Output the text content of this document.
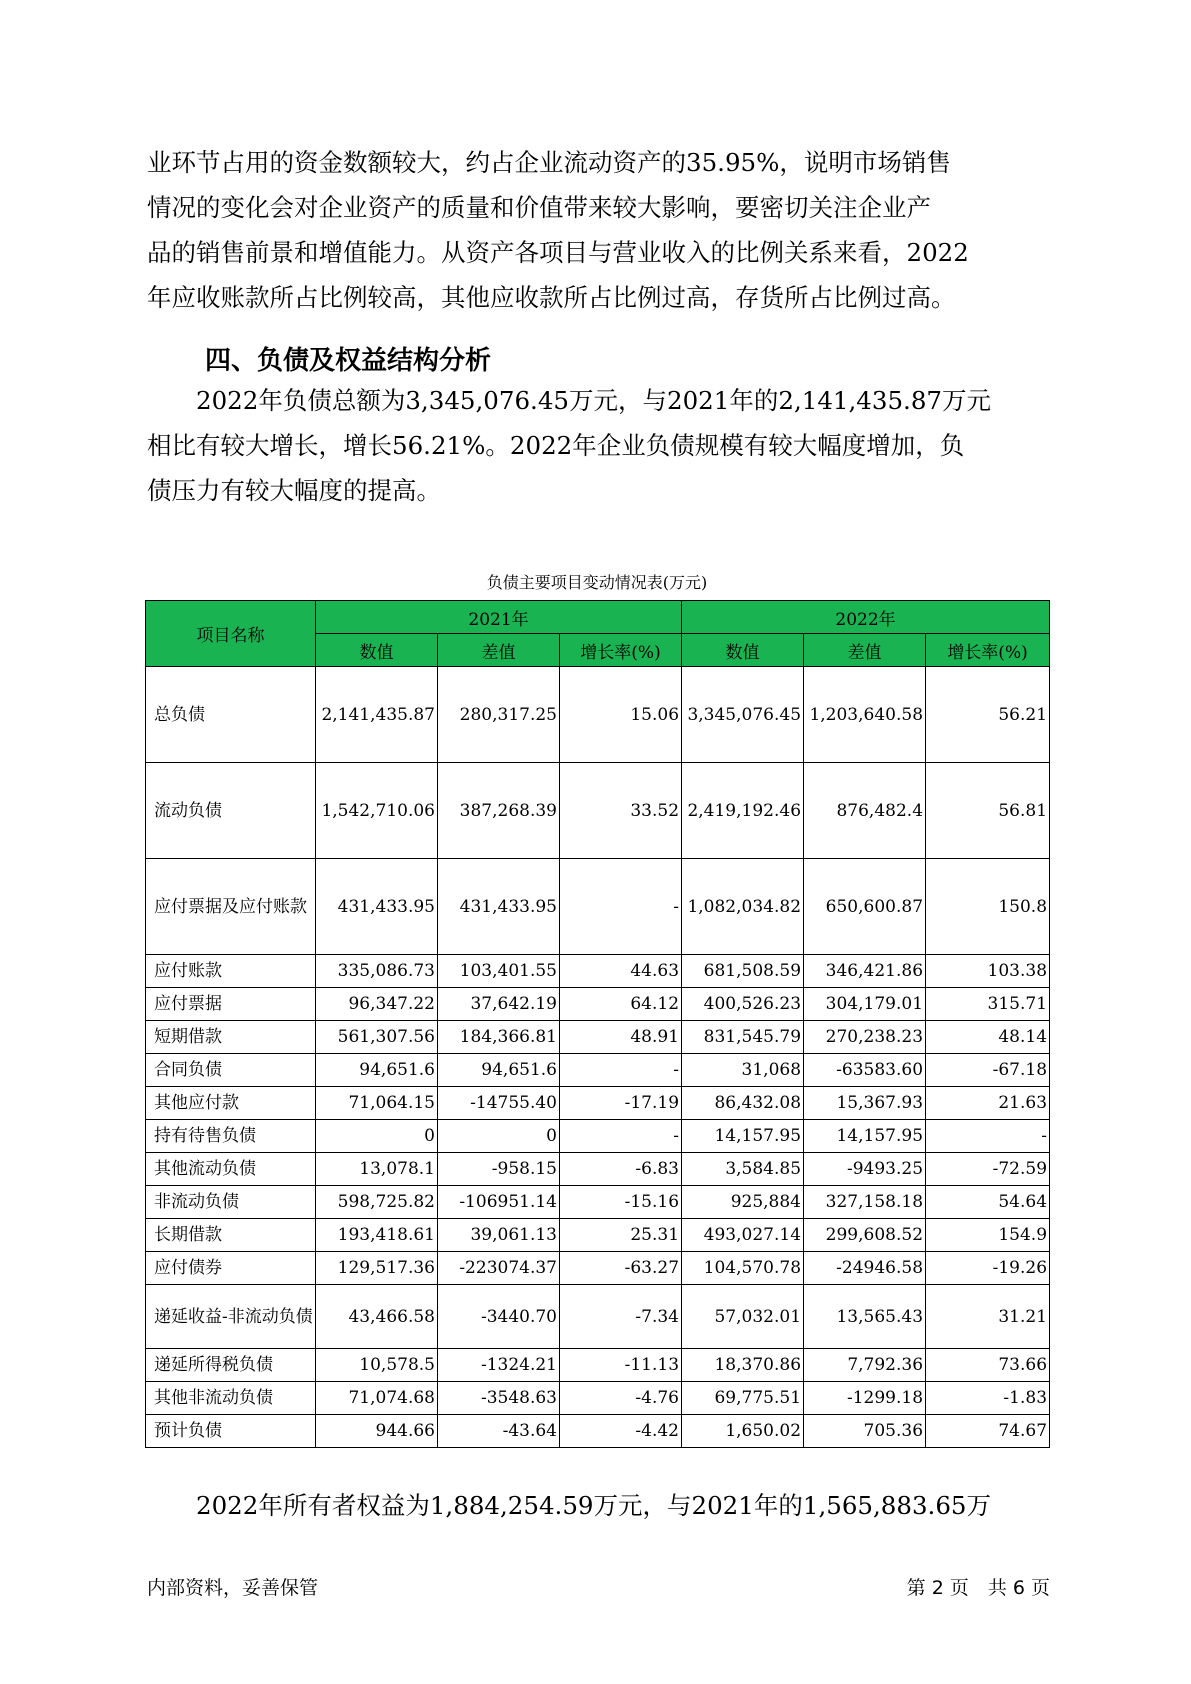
业环节占用的资金数额较大，约占企业流动资产的35.95%，说明市场销售
情况的变化会对企业资产的质量和价值带来较大影响，要密切关注企业产
品的销售前景和增值能力。从资产各项目与营业收入的比例关系来看，2022
年应收账款所占比例较高，其他应收款所占比例过高，存货所占比例过高。
四、负债及权益结构分析
　　2022年负债总额为3,345,076.45万元，与2021年的2,141,435.87万元
相比有较大增长，增长56.21%。2022年企业负债规模有较大幅度增加，负
债压力有较大幅度的提高。
负债主要项目变动情况表(万元)
项目名称	2021年			2022年		
	数值	差值	增长率(%)	数值	差值	增长率(%)
总负债	2,141,435.87	280,317.25	15.06	3,345,076.45	1,203,640.58	56.21
流动负债	1,542,710.06	387,268.39	33.52	2,419,192.46	876,482.4	56.81
应付票据及应付账款	431,433.95	431,433.95	-	1,082,034.82	650,600.87	150.8
应付账款	335,086.73	103,401.55	44.63	681,508.59	346,421.86	103.38
应付票据	96,347.22	37,642.19	64.12	400,526.23	304,179.01	315.71
短期借款	561,307.56	184,366.81	48.91	831,545.79	270,238.23	48.14
合同负债	94,651.6	94,651.6	-	31,068	-63583.60	-67.18
其他应付款	71,064.15	-14755.40	-17.19	86,432.08	15,367.93	21.63
持有待售负债	0	0	-	14,157.95	14,157.95	-
其他流动负债	13,078.1	-958.15	-6.83	3,584.85	-9493.25	-72.59
非流动负债	598,725.82	-106951.14	-15.16	925,884	327,158.18	54.64
长期借款	193,418.61	39,061.13	25.31	493,027.14	299,608.52	154.9
应付债券	129,517.36	-223074.37	-63.27	104,570.78	-24946.58	-19.26
递延收益-非流动负债	43,466.58	-3440.70	-7.34	57,032.01	13,565.43	31.21
递延所得税负债	10,578.5	-1324.21	-11.13	18,370.86	7,792.36	73.66
其他非流动负债	71,074.68	-3548.63	-4.76	69,775.51	-1299.18	-1.83
预计负债	944.66	-43.64	-4.42	1,650.02	705.36	74.67
　　2022年所有者权益为1,884,254.59万元，与2021年的1,565,883.65万
内部资料，妥善保管	第 2 页　共 6 页
